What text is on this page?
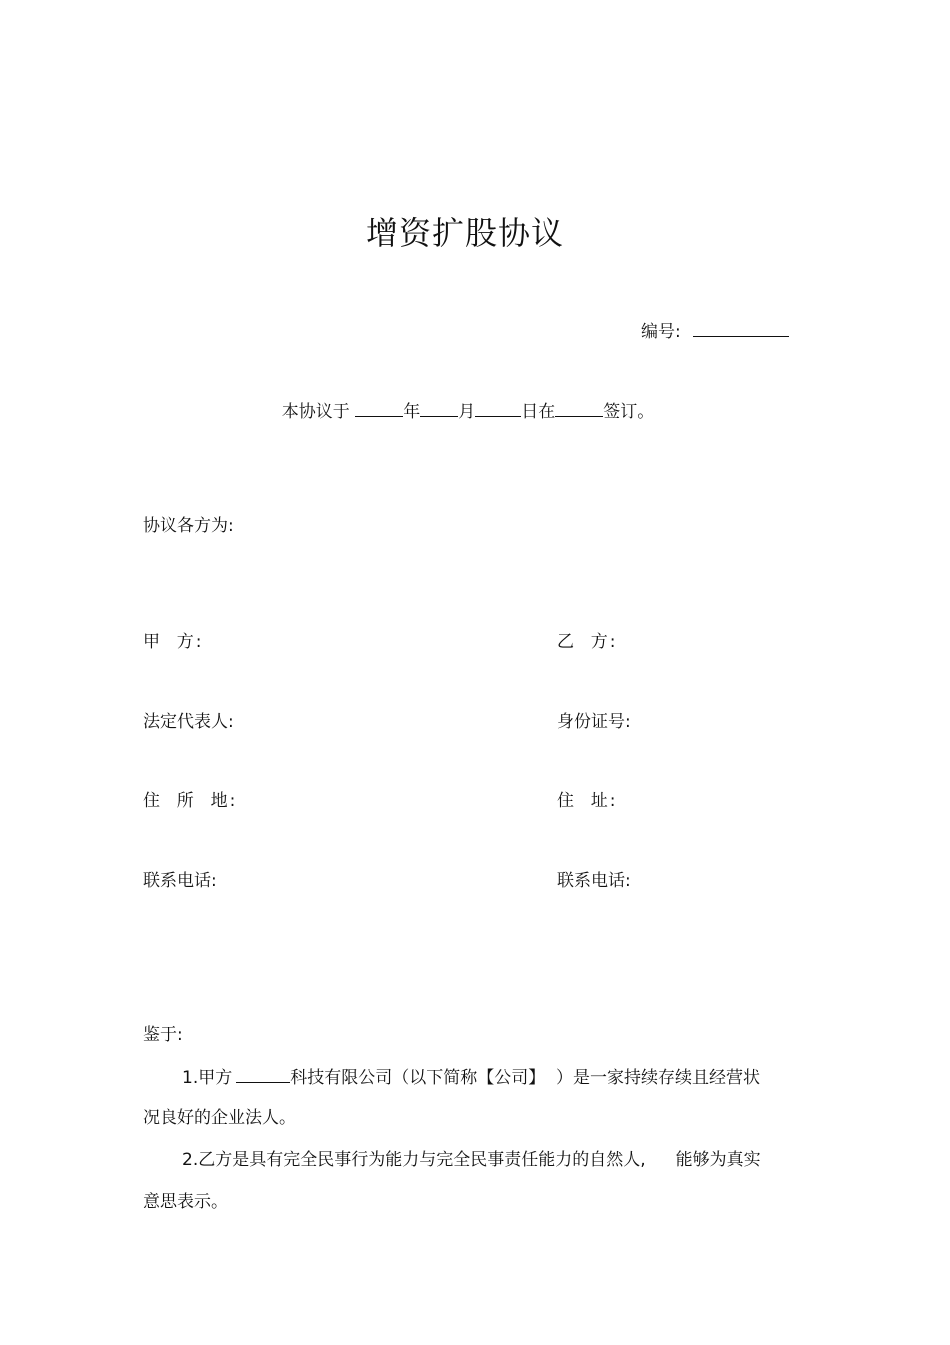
增资扩股协议
编号:
本协议于	年 月	日在	签订。
协议各方为:
甲  方:	乙  方:
法定代表人:	身份证号:
住  所  地:	住  址:
联系电话:	联系电话:
鉴于:
1.甲方	科技有限公司（以下简称【公司】  ）是一家持续存续且经营状
况良好的企业法人。
2.乙方是具有完全民事行为能力与完全民事责任能力的自然人, 能够为真实
意思表示。
